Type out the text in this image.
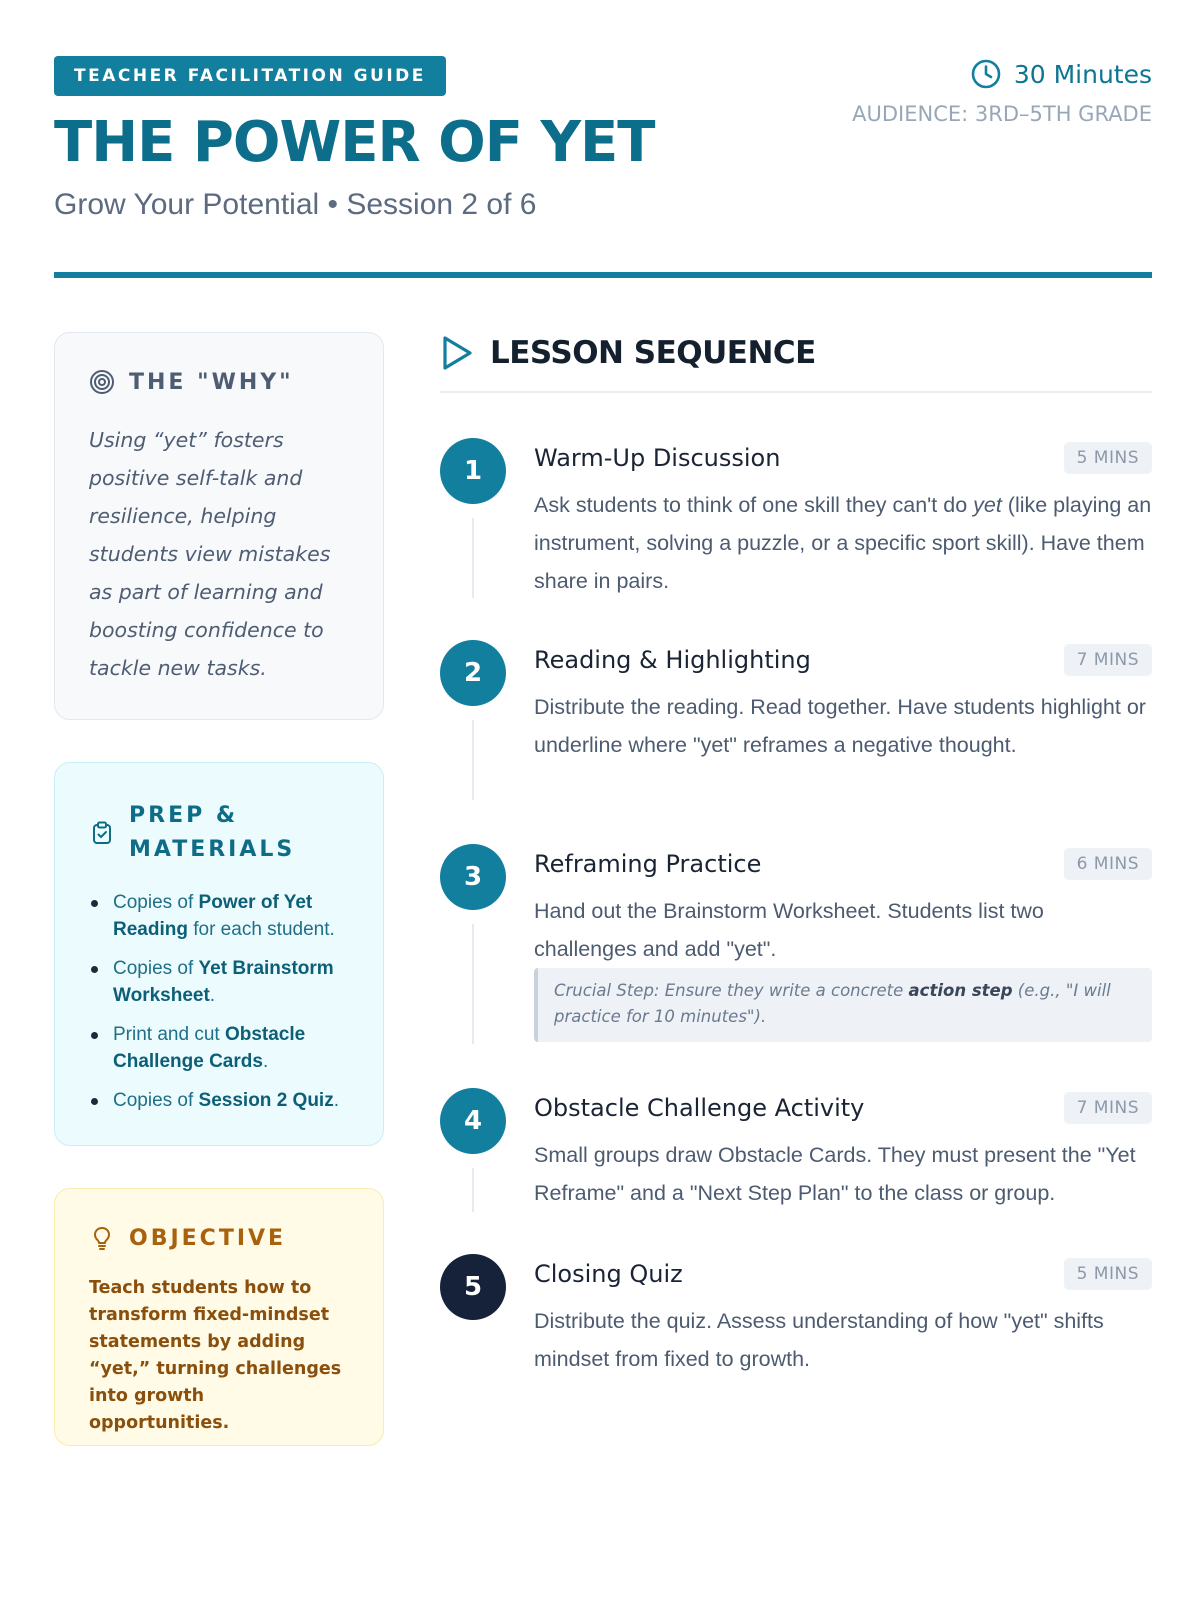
TEACHER FACILITATION GUIDE
THE POWER OF YET
Grow Your Potential • Session 2 of 6
30 Minutes
AUDIENCE: 3RD–5TH GRADE
THE "WHY"

Using “yet” fosters positive self-talk and resilience, helping students view mistakes as part of learning and boosting confidence to tackle new tasks.

PREP & MATERIALS
Copies of Power of Yet Reading for each student.
Copies of Yet Brainstorm Worksheet.
Print and cut Obstacle Challenge Cards.
Copies of Session 2 Quiz.
OBJECTIVE

Teach students how to transform fixed-mindset statements by adding “yet,” turning challenges into growth opportunities.

LESSON SEQUENCE
1	Warm-Up Discussion	5 MINS

Ask students to think of one skill they can't do yet (like playing an instrument, solving a puzzle, or a specific sport skill). Have them share in pairs.

2	Reading & Highlighting	7 MINS

Distribute the reading. Read together. Have students highlight or underline where "yet" reframes a negative thought.

3	Reframing Practice	6 MINS

Hand out the Brainstorm Worksheet. Students list two challenges and add "yet".

Crucial Step: Ensure they write a concrete action step (e.g., "I will practice for 10 minutes").
4	Obstacle Challenge Activity	7 MINS

Small groups draw Obstacle Cards. They must present the "Yet Reframe" and a "Next Step Plan" to the class or group.

5	Closing Quiz	5 MINS

Distribute the quiz. Assess understanding of how "yet" shifts mindset from fixed to growth.
